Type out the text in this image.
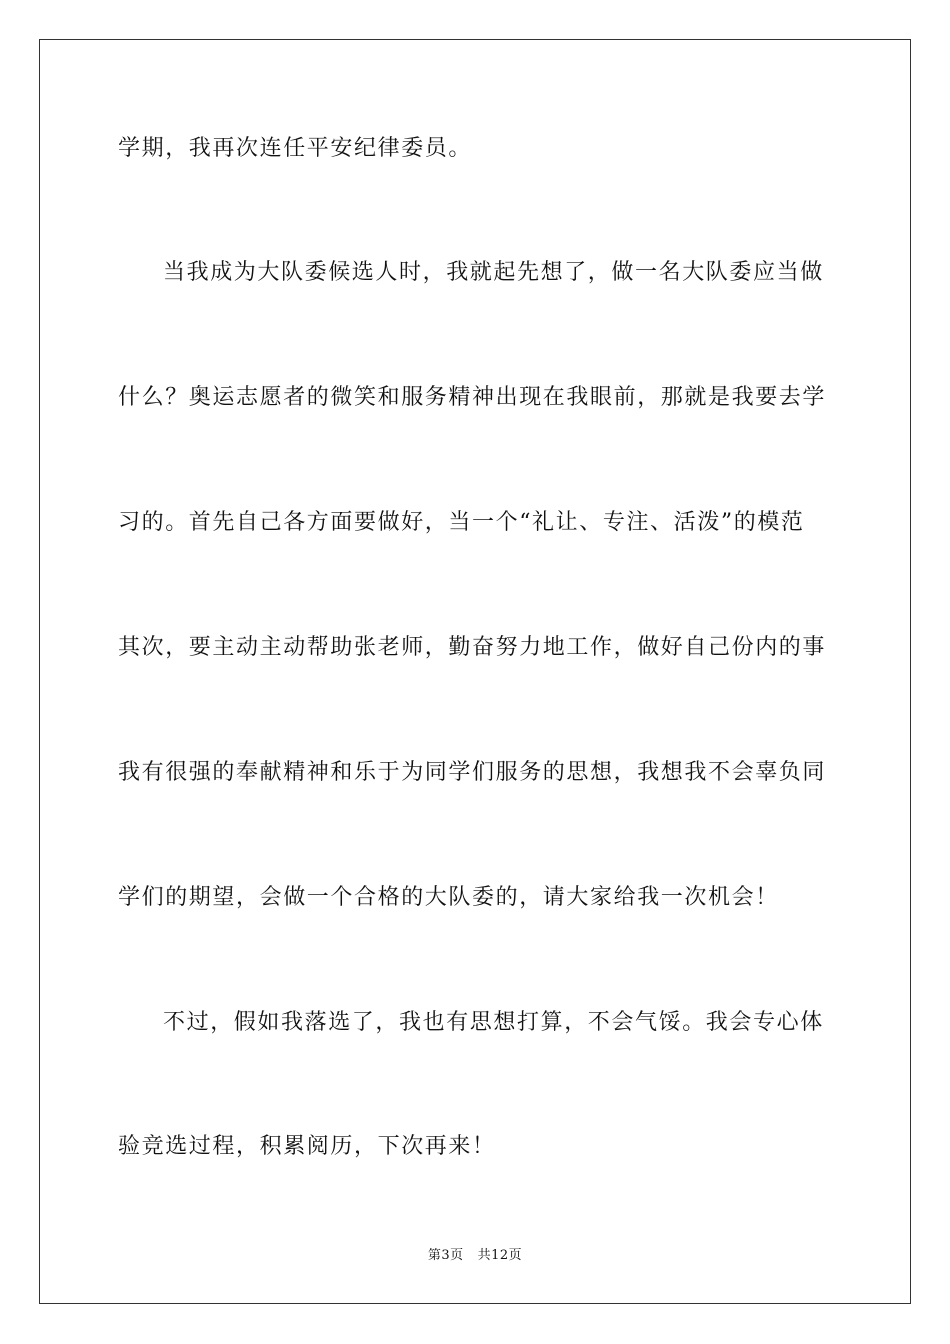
学期，我再次连任平安纪律委员。
当我成为大队委候选人时，我就起先想了，做一名大队委应当做
什么？奥运志愿者的微笑和服务精神出现在我眼前，那就是我要去学
习的。首先自己各方面要做好，当一个“礼让、专注、活泼”的模范
其次，要主动主动帮助张老师，勤奋努力地工作，做好自己份内的事
我有很强的奉献精神和乐于为同学们服务的思想，我想我不会辜负同
学们的期望，会做一个合格的大队委的，请大家给我一次机会！
不过，假如我落选了，我也有思想打算，不会气馁。我会专心体
验竞选过程，积累阅历，下次再来！
第3页 共12页
